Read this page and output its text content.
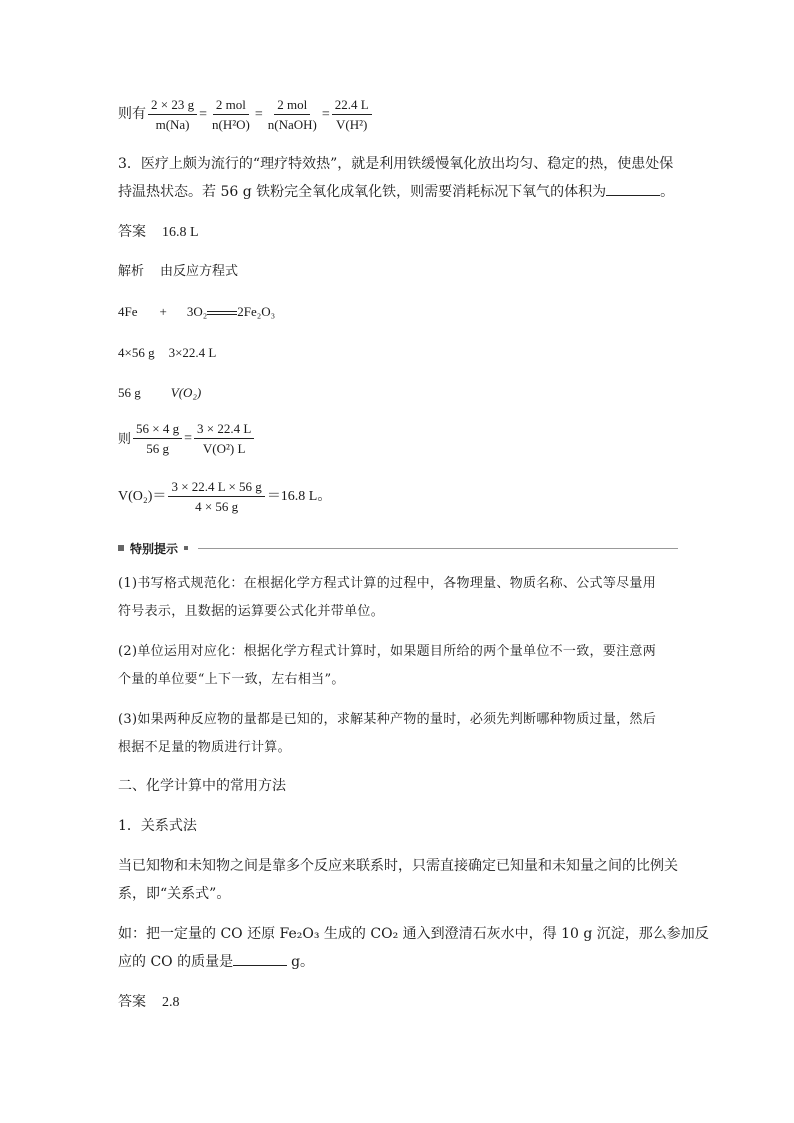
则有 $\frac{2 \times 23 g}{m(Na)} = \frac{\text{2 mol}}{\text{n(H²O)}} = \frac{\text{2 mol}}{\text{n(NaOH)}} = \frac{22.4 L}{\text{V(H²)}}$
3．医疗上颇为流行的“理疗特效热”，就是利用铁缓慢氧化放出均匀、稳定的热，使患处保
持温热状态。若 56 g 铁粉完全氧化成氧化铁，则需要消耗标况下氧气的体积为	。
答案 16.8 L
解析 由反应方程式
4Fe + 3O₂ 2Fe₂O₃
4×56 g 3×22.4 L
56 g V(O₂)
则 $\frac{56 \times 4 g}{56 g} = \frac{3 \times 22.4 L}{\text{V(O²) L}}$
$V(O_2)= \frac{3 \times 22.4 L \times 56 g}{4 \times 56 g} =16.8$ L。
特别提示
(1)书写格式规范化：在根据化学方程式计算的过程中，各物理量、物质名称、公式等尽量用
符号表示，且数据的运算要公式化并带单位。
(2)单位运用对应化：根据化学方程式计算时，如果题目所给的两个量单位不一致，要注意两
个量的单位要“上下一致，左右相当”。
(3)如果两种反应物的量都是已知的，求解某种产物的量时，必须先判断哪种物质过量，然后
根据不足量的物质进行计算。
二、化学计算中的常用方法
1．关系式法
当已知物和未知物之间是靠多个反应来联系时，只需直接确定已知量和未知量之间的比例关
系，即“关系式”。
如：把一定量的 CO 还原 Fe₂O₃ 生成的 CO₂ 通入到澄清石灰水中，得 10 g 沉淀，那么参加反
应的 CO 的质量是	g。
答案 2.8
